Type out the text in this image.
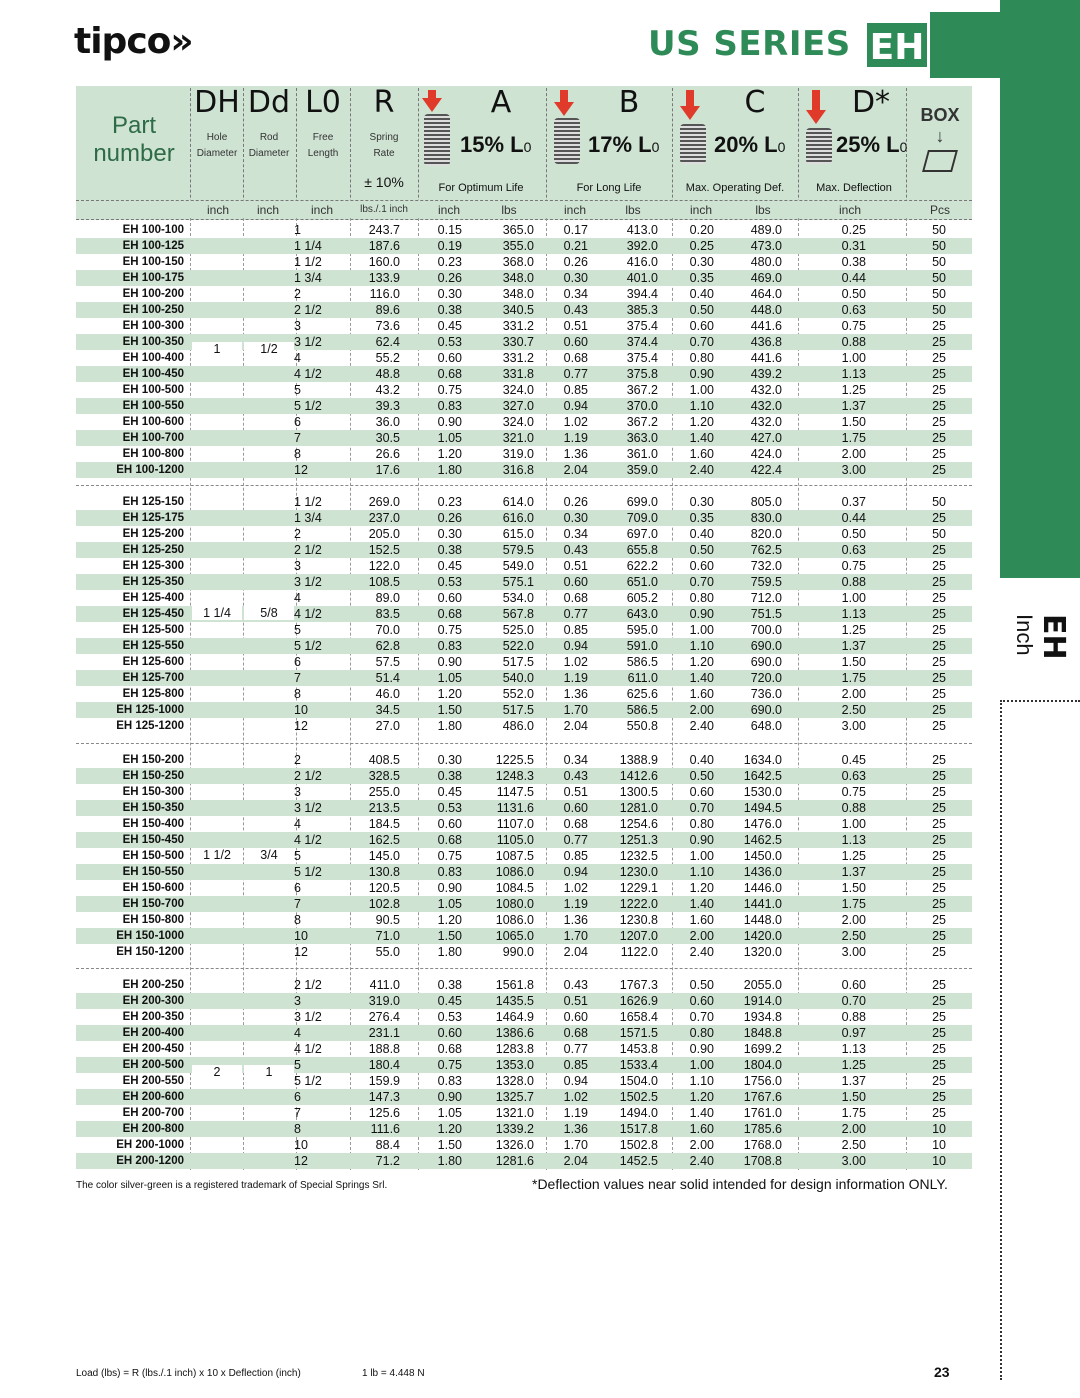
tipco»	US SERIES EH
EH
Inch
Part
number
DH
Hole
Diameter
Dd
Rod
Diameter
L0
Free
Length
R
Spring
Rate
± 10%
A
15% L0
For Optimum Life
B
17% L0
For Long Life
C
20% L0
Max. Operating Def.
D*
25% L0
Max. Deflection
BOX
↓
inch	inch	inch	lbs./.1 inch	inch	lbs	inch	lbs	inch	lbs	inch	Pcs
EH 100-100	1	243.7	0.15	365.0	0.17	413.0	0.20	489.0	0.25	50
EH 100-125	1 1/4	187.6	0.19	355.0	0.21	392.0	0.25	473.0	0.31	50
EH 100-150	1 1/2	160.0	0.23	368.0	0.26	416.0	0.30	480.0	0.38	50
EH 100-175	1 3/4	133.9	0.26	348.0	0.30	401.0	0.35	469.0	0.44	50
EH 100-200	2	116.0	0.30	348.0	0.34	394.4	0.40	464.0	0.50	50
EH 100-250	2 1/2	89.6	0.38	340.5	0.43	385.3	0.50	448.0	0.63	50
EH 100-300	3	73.6	0.45	331.2	0.51	375.4	0.60	441.6	0.75	25
EH 100-350	3 1/2	62.4	0.53	330.7	0.60	374.4	0.70	436.8	0.88	25
EH 100-400	4	55.2	0.60	331.2	0.68	375.4	0.80	441.6	1.00	25
EH 100-450	4 1/2	48.8	0.68	331.8	0.77	375.8	0.90	439.2	1.13	25
EH 100-500	5	43.2	0.75	324.0	0.85	367.2	1.00	432.0	1.25	25
EH 100-550	5 1/2	39.3	0.83	327.0	0.94	370.0	1.10	432.0	1.37	25
EH 100-600	6	36.0	0.90	324.0	1.02	367.2	1.20	432.0	1.50	25
EH 100-700	7	30.5	1.05	321.0	1.19	363.0	1.40	427.0	1.75	25
EH 100-800	8	26.6	1.20	319.0	1.36	361.0	1.60	424.0	2.00	25
EH 100-1200	12	17.6	1.80	316.8	2.04	359.0	2.40	422.4	3.00	25
1	1/2
EH 125-150	1 1/2	269.0	0.23	614.0	0.26	699.0	0.30	805.0	0.37	50
EH 125-175	1 3/4	237.0	0.26	616.0	0.30	709.0	0.35	830.0	0.44	25
EH 125-200	2	205.0	0.30	615.0	0.34	697.0	0.40	820.0	0.50	50
EH 125-250	2 1/2	152.5	0.38	579.5	0.43	655.8	0.50	762.5	0.63	25
EH 125-300	3	122.0	0.45	549.0	0.51	622.2	0.60	732.0	0.75	25
EH 125-350	3 1/2	108.5	0.53	575.1	0.60	651.0	0.70	759.5	0.88	25
EH 125-400	4	89.0	0.60	534.0	0.68	605.2	0.80	712.0	1.00	25
EH 125-450	4 1/2	83.5	0.68	567.8	0.77	643.0	0.90	751.5	1.13	25
EH 125-500	5	70.0	0.75	525.0	0.85	595.0	1.00	700.0	1.25	25
EH 125-550	5 1/2	62.8	0.83	522.0	0.94	591.0	1.10	690.0	1.37	25
EH 125-600	6	57.5	0.90	517.5	1.02	586.5	1.20	690.0	1.50	25
EH 125-700	7	51.4	1.05	540.0	1.19	611.0	1.40	720.0	1.75	25
EH 125-800	8	46.0	1.20	552.0	1.36	625.6	1.60	736.0	2.00	25
EH 125-1000	10	34.5	1.50	517.5	1.70	586.5	2.00	690.0	2.50	25
EH 125-1200	12	27.0	1.80	486.0	2.04	550.8	2.40	648.0	3.00	25
1 1/4	5/8
EH 150-200	2	408.5	0.30	1225.5	0.34	1388.9	0.40	1634.0	0.45	25
EH 150-250	2 1/2	328.5	0.38	1248.3	0.43	1412.6	0.50	1642.5	0.63	25
EH 150-300	3	255.0	0.45	1147.5	0.51	1300.5	0.60	1530.0	0.75	25
EH 150-350	3 1/2	213.5	0.53	1131.6	0.60	1281.0	0.70	1494.5	0.88	25
EH 150-400	4	184.5	0.60	1107.0	0.68	1254.6	0.80	1476.0	1.00	25
EH 150-450	4 1/2	162.5	0.68	1105.0	0.77	1251.3	0.90	1462.5	1.13	25
EH 150-500	5	145.0	0.75	1087.5	0.85	1232.5	1.00	1450.0	1.25	25
EH 150-550	5 1/2	130.8	0.83	1086.0	0.94	1230.0	1.10	1436.0	1.37	25
EH 150-600	6	120.5	0.90	1084.5	1.02	1229.1	1.20	1446.0	1.50	25
EH 150-700	7	102.8	1.05	1080.0	1.19	1222.0	1.40	1441.0	1.75	25
EH 150-800	8	90.5	1.20	1086.0	1.36	1230.8	1.60	1448.0	2.00	25
EH 150-1000	10	71.0	1.50	1065.0	1.70	1207.0	2.00	1420.0	2.50	25
EH 150-1200	12	55.0	1.80	990.0	2.04	1122.0	2.40	1320.0	3.00	25
1 1/2	3/4
EH 200-250	2 1/2	411.0	0.38	1561.8	0.43	1767.3	0.50	2055.0	0.60	25
EH 200-300	3	319.0	0.45	1435.5	0.51	1626.9	0.60	1914.0	0.70	25
EH 200-350	3 1/2	276.4	0.53	1464.9	0.60	1658.4	0.70	1934.8	0.88	25
EH 200-400	4	231.1	0.60	1386.6	0.68	1571.5	0.80	1848.8	0.97	25
EH 200-450	4 1/2	188.8	0.68	1283.8	0.77	1453.8	0.90	1699.2	1.13	25
EH 200-500	5	180.4	0.75	1353.0	0.85	1533.4	1.00	1804.0	1.25	25
EH 200-550	5 1/2	159.9	0.83	1328.0	0.94	1504.0	1.10	1756.0	1.37	25
EH 200-600	6	147.3	0.90	1325.7	1.02	1502.5	1.20	1767.6	1.50	25
EH 200-700	7	125.6	1.05	1321.0	1.19	1494.0	1.40	1761.0	1.75	25
EH 200-800	8	111.6	1.20	1339.2	1.36	1517.8	1.60	1785.6	2.00	10
EH 200-1000	10	88.4	1.50	1326.0	1.70	1502.8	2.00	1768.0	2.50	10
EH 200-1200	12	71.2	1.80	1281.6	2.04	1452.5	2.40	1708.8	3.00	10
2	1
The color silver-green is a registered trademark of Special Springs Srl.	*Deflection values near solid intended for design information ONLY.
Load (lbs) = R (lbs./.1 inch) x 10 x Deflection (inch)	1 lb = 4.448 N	23
